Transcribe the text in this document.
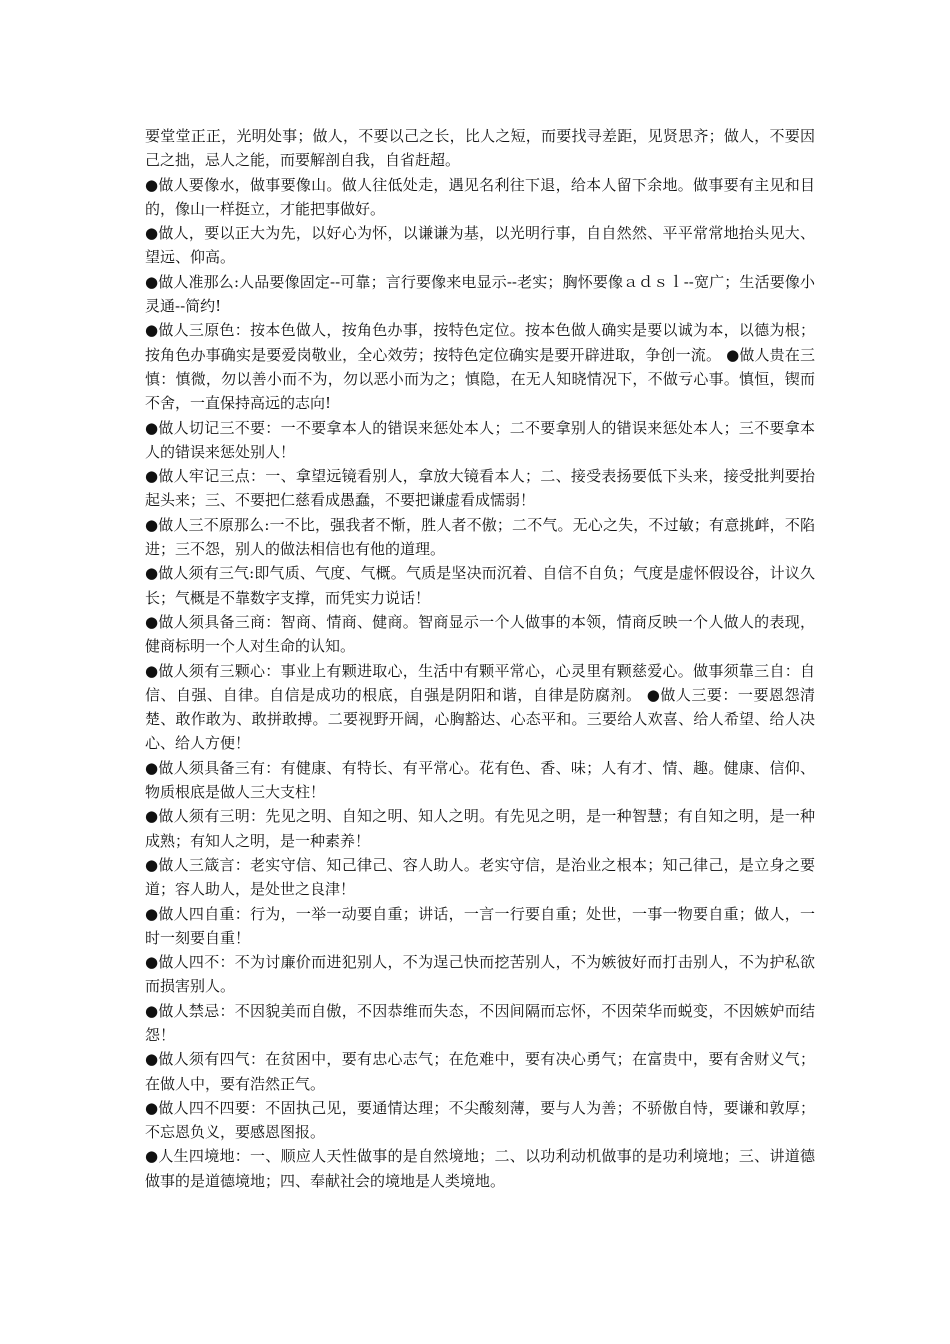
要堂堂正正，光明处事；做人，不要以己之长，比人之短，而要找寻差距，见贤思齐；做人，不要因己之拙，忌人之能，而要解剖自我，自省赶超。

●做人要像水，做事要像山。做人往低处走，遇见名利往下退，给本人留下余地。做事要有主见和目的，像山一样挺立，才能把事做好。

●做人，要以正大为先，以好心为怀，以谦谦为基，以光明行事，自自然然、平平常常地抬头见大、望远、仰高。

●做人准那么:人品要像固定--可靠；言行要像来电显示--老实；胸怀要像ａｄｓｌ--宽广；生活要像小灵通--简约!

●做人三原色：按本色做人，按角色办事，按特色定位。按本色做人确实是要以诚为本，以德为根；按角色办事确实是要爱岗敬业，全心效劳；按特色定位确实是要开辟进取，争创一流。 ●做人贵在三慎：慎微，勿以善小而不为，勿以恶小而为之；慎隐，在无人知晓情况下，不做亏心事。慎恒，锲而不舍，一直保持高远的志向!

●做人切记三不要：一不要拿本人的错误来惩处本人；二不要拿别人的错误来惩处本人；三不要拿本人的错误来惩处别人！

●做人牢记三点：一、拿望远镜看别人，拿放大镜看本人；二、接受表扬要低下头来，接受批判要抬起头来；三、不要把仁慈看成愚蠢，不要把谦虚看成懦弱！

●做人三不原那么:一不比，强我者不惭，胜人者不傲；二不气。无心之失，不过敏；有意挑衅，不陷进；三不怨，别人的做法相信也有他的道理。

●做人须有三气:即气质、气度、气概。气质是坚决而沉着、自信不自负；气度是虚怀假设谷，计议久长；气概是不靠数字支撑，而凭实力说话！

●做人须具备三商：智商、情商、健商。智商显示一个人做事的本领，情商反映一个人做人的表现，健商标明一个人对生命的认知。

●做人须有三颗心：事业上有颗进取心，生活中有颗平常心，心灵里有颗慈爱心。做事须靠三自：自信、自强、自律。自信是成功的根底，自强是阴阳和谐，自律是防腐剂。 ●做人三要：一要恩怨清楚、敢作敢为、敢拼敢搏。二要视野开阔，心胸豁达、心态平和。三要给人欢喜、给人希望、给人决心、给人方便！

●做人须具备三有：有健康、有特长、有平常心。花有色、香、味；人有才、情、趣。健康、信仰、物质根底是做人三大支柱！

●做人须有三明：先见之明、自知之明、知人之明。有先见之明，是一种智慧；有自知之明，是一种成熟；有知人之明，是一种素养！

●做人三箴言：老实守信、知己律己、容人助人。老实守信，是治业之根本；知己律己，是立身之要道；容人助人，是处世之良津！

●做人四自重：行为，一举一动要自重；讲话，一言一行要自重；处世，一事一物要自重；做人，一时一刻要自重！

●做人四不：不为讨廉价而进犯别人，不为逞己快而挖苦别人，不为嫉彼好而打击别人，不为护私欲而损害别人。

●做人禁忌：不因貌美而自傲，不因恭维而失态，不因间隔而忘怀，不因荣华而蜕变，不因嫉妒而结怨！

●做人须有四气：在贫困中，要有忠心志气；在危难中，要有决心勇气；在富贵中，要有舍财义气；在做人中，要有浩然正气。

●做人四不四要：不固执己见，要通情达理；不尖酸刻薄，要与人为善；不骄傲自恃，要谦和敦厚；不忘恩负义，要感恩图报。

●人生四境地：一、顺应人天性做事的是自然境地；二、以功利动机做事的是功利境地；三、讲道德做事的是道德境地；四、奉献社会的境地是人类境地。
